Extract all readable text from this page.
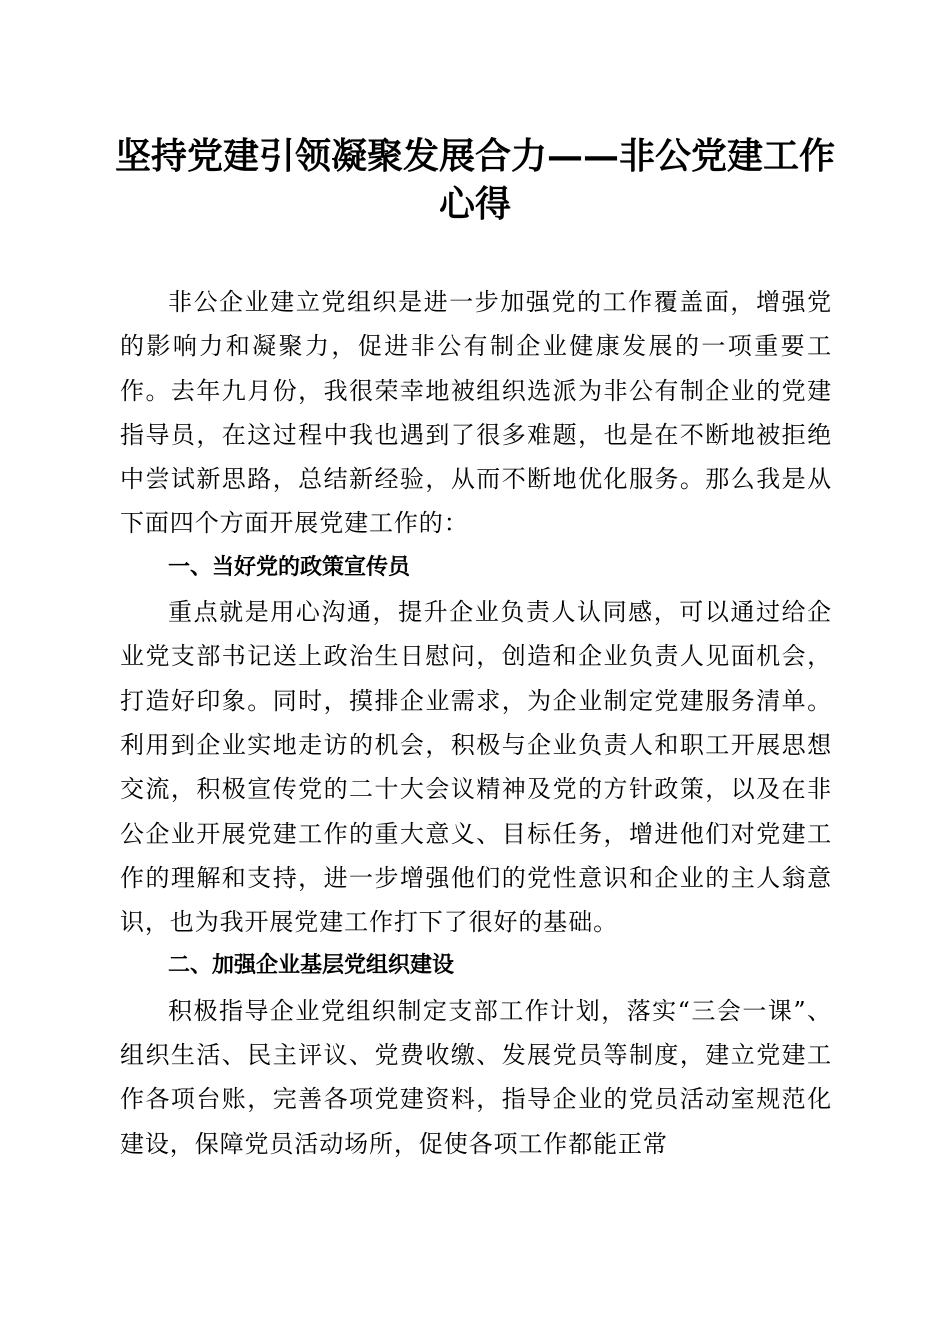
坚持党建引领凝聚发展合力——非公党建工作
心得

非公企业建立党组织是进一步加强党的工作覆盖面，增强党的影响力和凝聚力，促进非公有制企业健康发展的一项重要工作。去年九月份，我很荣幸地被组织选派为非公有制企业的党建指导员，在这过程中我也遇到了很多难题，也是在不断地被拒绝中尝试新思路，总结新经验，从而不断地优化服务。那么我是从下面四个方面开展党建工作的：

一、当好党的政策宣传员

重点就是用心沟通，提升企业负责人认同感，可以通过给企业党支部书记送上政治生日慰问，创造和企业负责人见面机会，打造好印象。同时，摸排企业需求，为企业制定党建服务清单。利用到企业实地走访的机会，积极与企业负责人和职工开展思想交流，积极宣传党的二十大会议精神及党的方针政策，以及在非公企业开展党建工作的重大意义、目标任务，增进他们对党建工作的理解和支持，进一步增强他们的党性意识和企业的主人翁意识，也为我开展党建工作打下了很好的基础。

二、加强企业基层党组织建设

积极指导企业党组织制定支部工作计划，落实“三会一课”、组织生活、民主评议、党费收缴、发展党员等制度，建立党建工作各项台账，完善各项党建资料，指导企业的党员活动室规范化建设，保障党员活动场所，促使各项工作都能正常
